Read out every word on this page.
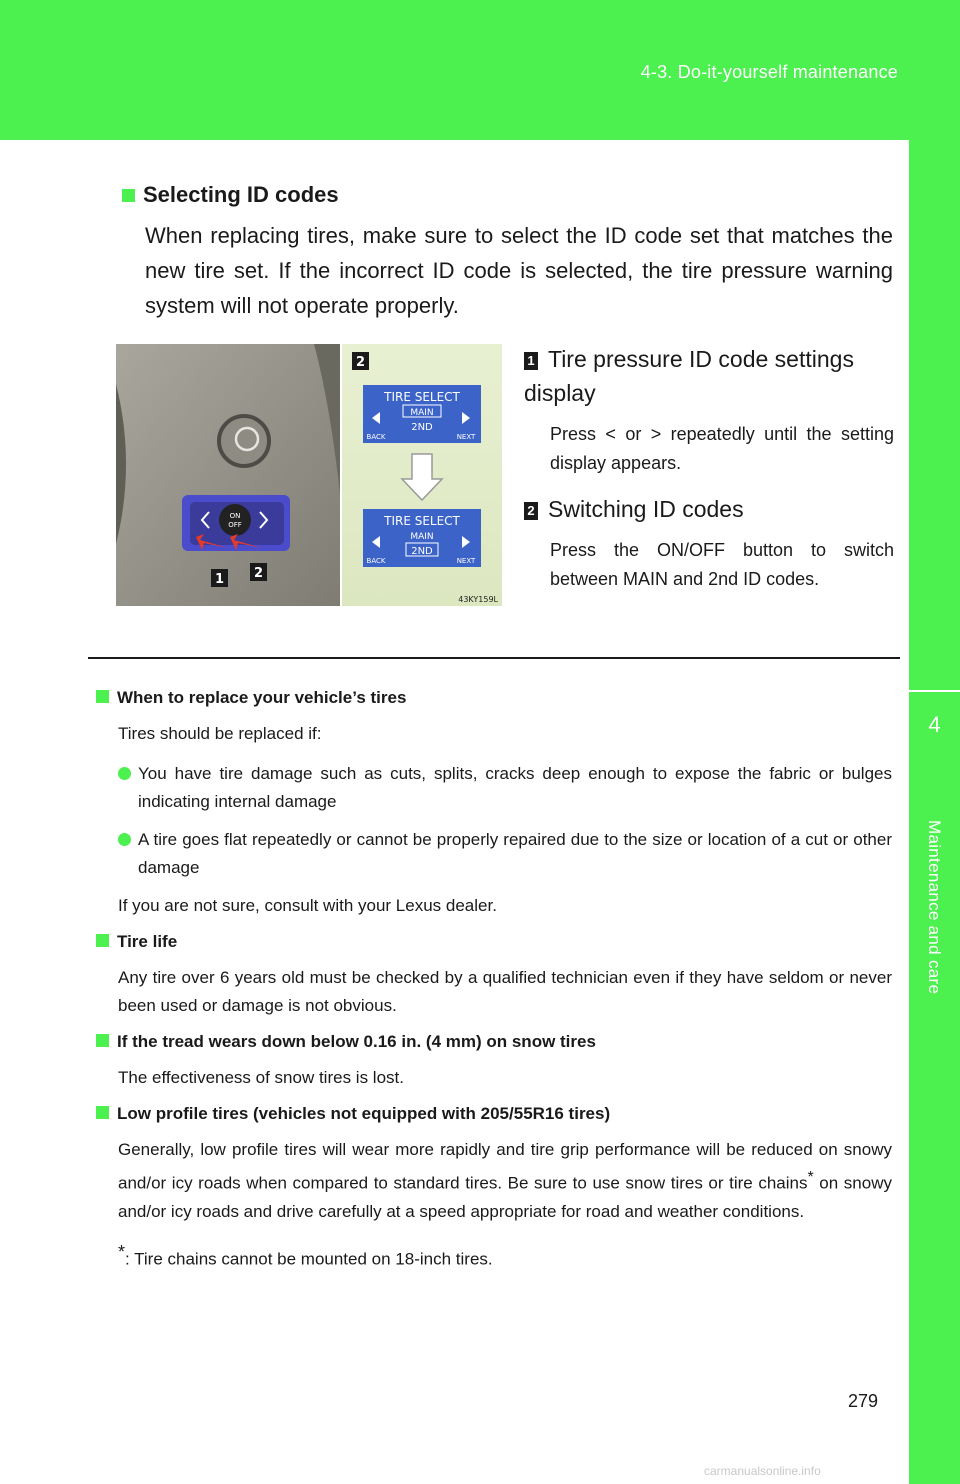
4-3. Do-it-yourself maintenance
4
Maintenance and care
Selecting ID codes
When replacing tires, make sure to select the ID code set that matches the new tire set. If the incorrect ID code is selected, the tire pressure warning system will not operate properly.
ON
OFF
1 2
2
TIRE SELECT
MAIN
2ND
BACK	NEXT
TIRE SELECT
MAIN
2ND
BACK	NEXT
43KY159L
1 Tire pressure ID code settings display
Press < or > repeatedly until the setting display appears.
2 Switching ID codes
Press the ON/OFF button to switch between MAIN and 2nd ID codes.
When to replace your vehicle’s tires
Tires should be replaced if:
You have tire damage such as cuts, splits, cracks deep enough to expose the fabric or bulges indicating internal damage
A tire goes flat repeatedly or cannot be properly repaired due to the size or location of a cut or other damage
If you are not sure, consult with your Lexus dealer.
Tire life
Any tire over 6 years old must be checked by a qualified technician even if they have seldom or never been used or damage is not obvious.
If the tread wears down below 0.16 in. (4 mm) on snow tires
The effectiveness of snow tires is lost.
Low profile tires (vehicles not equipped with 205/55R16 tires)
Generally, low profile tires will wear more rapidly and tire grip performance will be reduced on snowy and/or icy roads when compared to standard tires. Be sure to use snow tires or tire chains* on snowy and/or icy roads and drive carefully at a speed appropriate for road and weather conditions.
*: Tire chains cannot be mounted on 18-inch tires.
279
carmanualsonline.info
